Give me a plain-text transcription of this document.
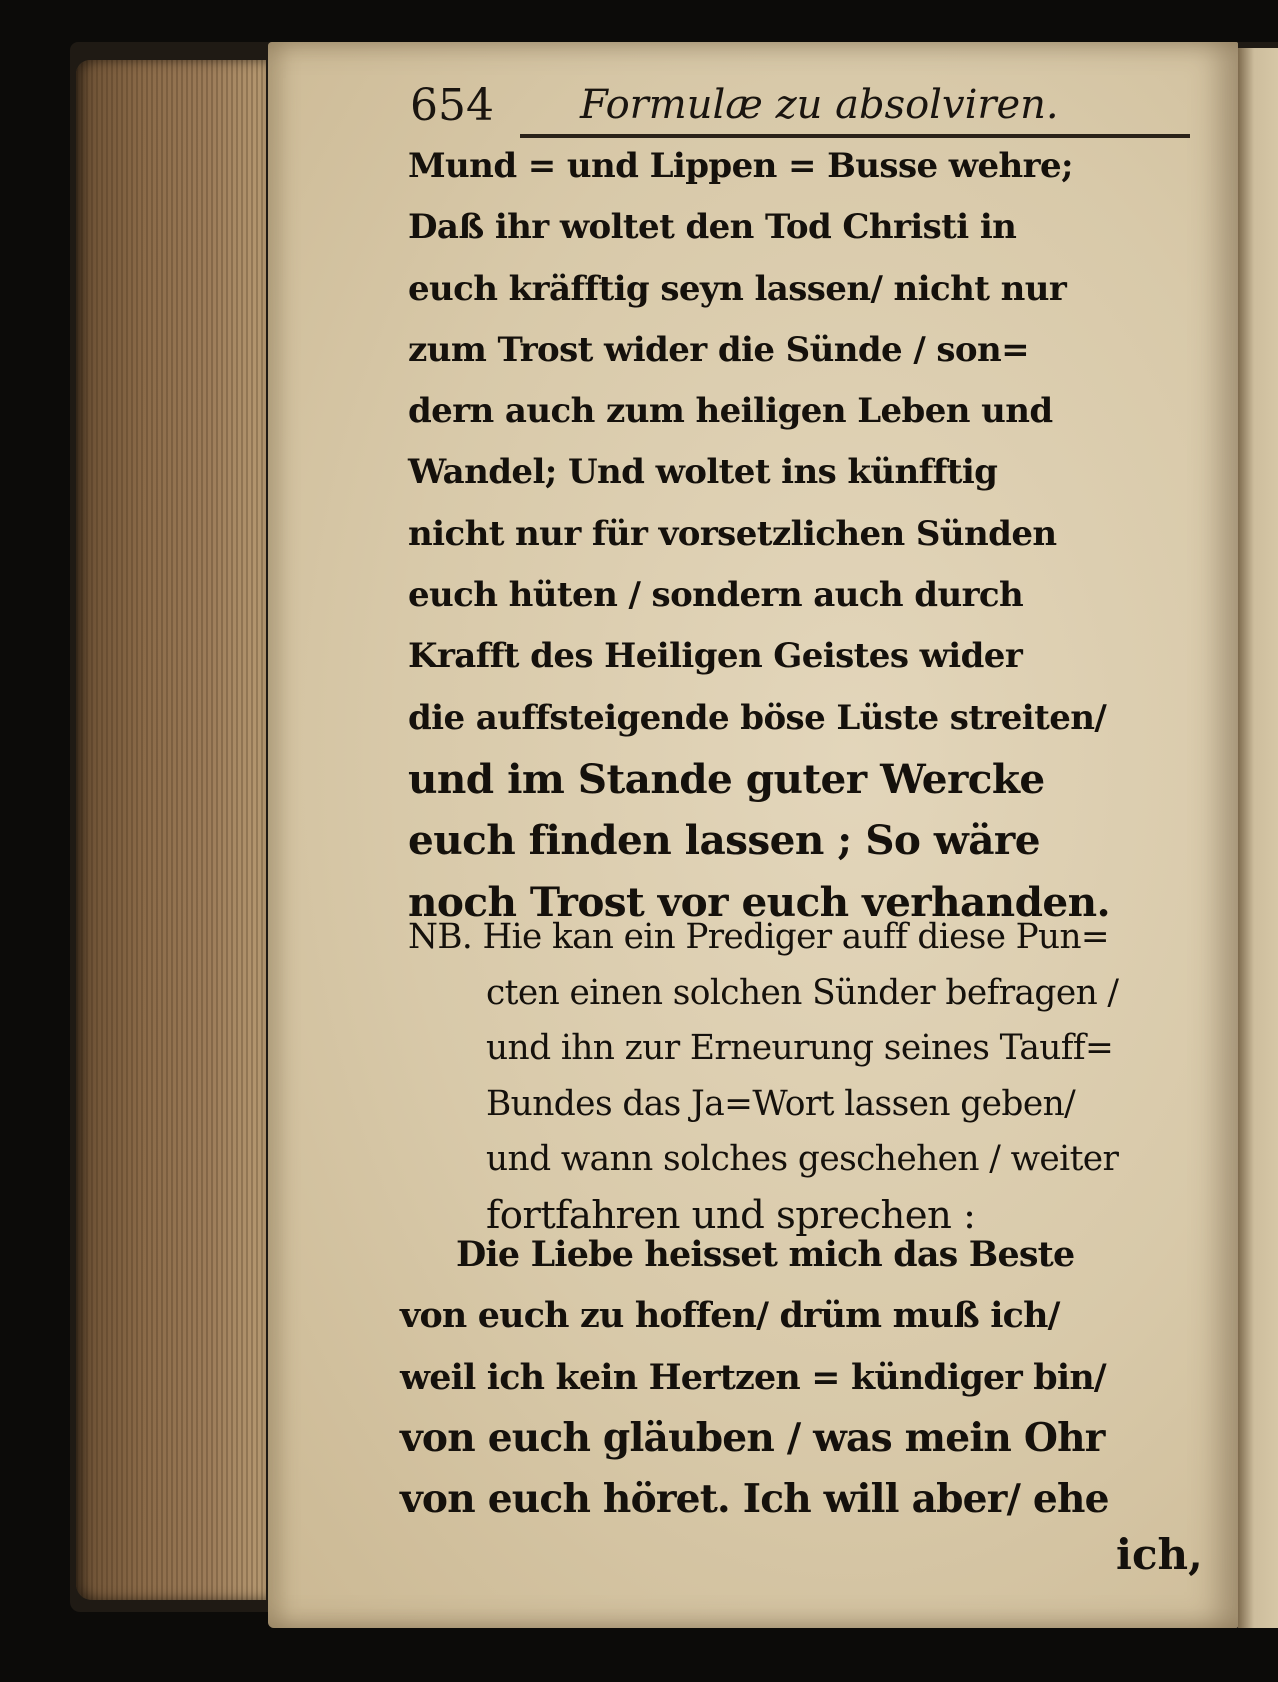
654 Formulæ zu absolviren.
Mund = und Lippen = Busse wehre;
Daß ihr woltet den Tod Christi in
euch kräfftig seyn lassen/ nicht nur
zum Trost wider die Sünde / son=
dern auch zum heiligen Leben und
Wandel; Und woltet ins künfftig
nicht nur für vorsetzlichen Sünden
euch hüten / sondern auch durch
Krafft des Heiligen Geistes wider
die auffsteigende böse Lüste streiten/
und im Stande guter Wercke
euch finden lassen ; So wäre
noch Trost vor euch verhanden.
NB. Hie kan ein Prediger auff diese Pun=
cten einen solchen Sünder befragen /
und ihn zur Erneurung seines Tauff=
Bundes das Ja=Wort lassen geben/
und wann solches geschehen / weiter
fortfahren und sprechen :
Die Liebe heisset mich das Beste
von euch zu hoffen/ drüm muß ich/
weil ich kein Hertzen = kündiger bin/
von euch gläuben / was mein Ohr
von euch höret. Ich will aber/ ehe
ich,
